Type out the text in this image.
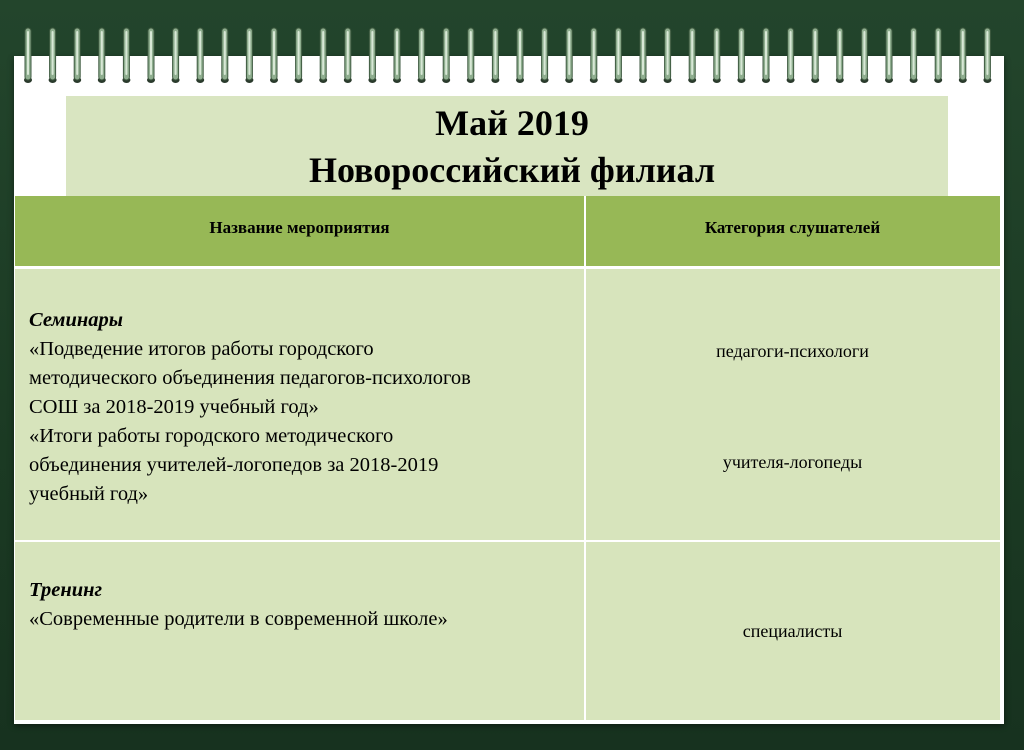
Май 2019
Новороссийский филиал
Название мероприятия	Категория слушателей
Семинары
«Подведение итогов работы городского
методического объединения педагогов-психологов
СОШ за 2018-2019 учебный год»
«Итоги работы городского методического
объединения учителей-логопедов за 2018-2019
учебный год»
педагоги-психологи
учителя-логопеды
Тренинг
«Современные родители в современной школе»
специалисты
